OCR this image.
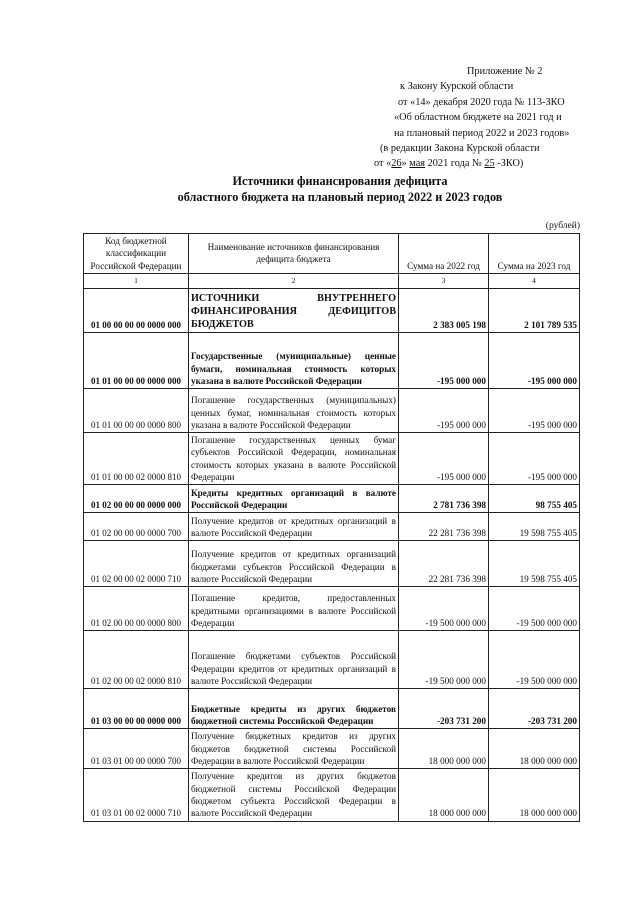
Приложение № 2
к Закону Курской области
от «14» декабря 2020 года № 113-ЗКО
«Об областном бюджете на 2021 год и
на плановый период 2022 и 2023 годов»
(в редакции Закона Курской области
от «26» мая 2021 года № 25 -ЗКО)
Источники финансирования дефицита
областного бюджета на плановый период 2022 и 2023 годов
(рублей)
Код бюджетной классификации Российской Федерации	Наименование источников финансирования дефицита бюджета	Сумма на 2022 год	Сумма на 2023 год
1	2	3	4
01 00 00 00 00 0000 000	ИСТОЧНИКИ ВНУТРЕННЕГО ФИНАНСИРОВАНИЯ ДЕФИЦИТОВ БЮДЖЕТОВ	2 383 005 198	2 101 789 535
01 01 00 00 00 0000 000	Государственные (муниципальные) ценные бумаги, номинальная стоимость которых указана в валюте Российской Федерации	-195 000 000	-195 000 000
01 01 00 00 00 0000 800	Погашение государственных (муниципальных) ценных бумаг, номинальная стоимость которых указана в валюте Российской Федерации	-195 000 000	-195 000 000
01 01 00 00 02 0000 810	Погашение государственных ценных бумаг субъектов Российской Федерации, номинальная стоимость которых указана в валюте Российской Федерации	-195 000 000	-195 000 000
01 02 00 00 00 0000 000	Кредиты кредитных организаций в валюте Российской Федерации	2 781 736 398	98 755 405
01 02 00 00 00 0000 700	Получение кредитов от кредитных организаций в валюте Российской Федерации	22 281 736 398	19 598 755 405
01 02 00 00 02 0000 710	Получение кредитов от кредитных организаций бюджетами субъектов Российской Федерации в валюте Российской Федерации	22 281 736 398	19 598 755 405
01 02 00 00 00 0000 800	Погашение кредитов, предоставленных кредитными организациями в валюте Российской Федерации	-19 500 000 000	-19 500 000 000
01 02 00 00 02 0000 810	Погашение бюджетами субъектов Российской Федерации кредитов от кредитных организаций в валюте Российской Федерации	-19 500 000 000	-19 500 000 000
01 03 00 00 00 0000 000	Бюджетные кредиты из других бюджетов бюджетной системы Российской Федерации	-203 731 200	-203 731 200
01 03 01 00 00 0000 700	Получение бюджетных кредитов из других бюджетов бюджетной системы Российской Федерации в валюте Российской Федерации	18 000 000 000	18 000 000 000
01 03 01 00 02 0000 710	Получение кредитов из других бюджетов бюджетной системы Российской Федерации бюджетом субъекта Российской Федерации в валюте Российской Федерации	18 000 000 000	18 000 000 000
